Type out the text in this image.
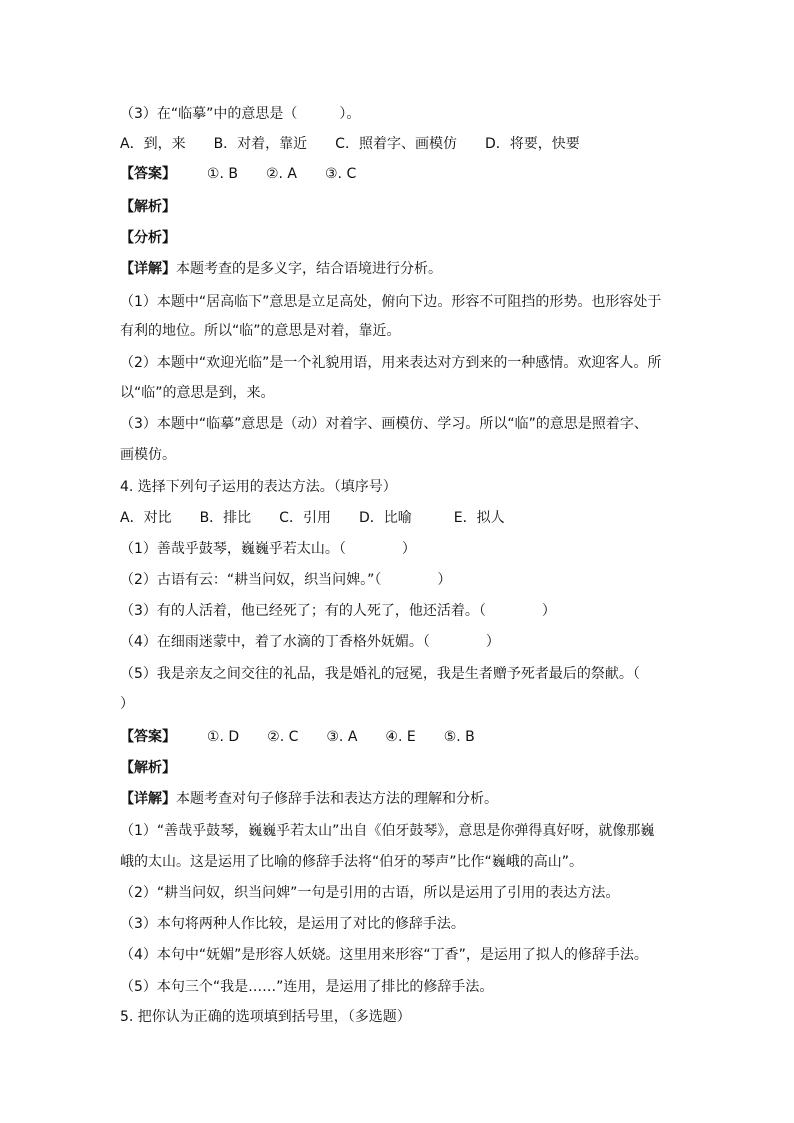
（3）在“临摹”中的意思是（　　　）。
A．到，来　　B．对着，靠近　　C．照着字、画模仿　　D．将要，快要
【答案】 ①. B　　②. A　　③. C
【解析】
【分析】
【详解】本题考查的是多义字，结合语境进行分析。
（1）本题中“居高临下”意思是立足高处，俯向下边。形容不可阻挡的形势。也形容处于
有利的地位。所以“临”的意思是对着，靠近。
（2）本题中“欢迎光临”是一个礼貌用语，用来表达对方到来的一种感情。欢迎客人。所
以“临”的意思是到，来。
（3）本题中“临摹”意思是（动）对着字、画模仿、学习。所以“临”的意思是照着字、
画模仿。
4. 选择下列句子运用的表达方法。（填序号）
A．对比　　B．排比　　C．引用　　D．比喻　　　E．拟人
（1）善哉乎鼓琴，巍巍乎若太山。（　　　　）
（2）古语有云：“耕当问奴，织当问婢。”（　　　　）
（3）有的人活着，他已经死了；有的人死了，他还活着。（　　　　）
（4）在细雨迷蒙中，着了水滴的丁香格外妩媚。（　　　　）
（5）我是亲友之间交往的礼品，我是婚礼的冠冕，我是生者赠予死者最后的祭献。（
）
【答案】 ①. D　　②. C　　③. A　　④. E　　⑤. B
【解析】
【详解】本题考查对句子修辞手法和表达方法的理解和分析。
（1）“善哉乎鼓琴，巍巍乎若太山”出自《伯牙鼓琴》，意思是你弹得真好呀，就像那巍
峨的太山。这是运用了比喻的修辞手法将“伯牙的琴声”比作“巍峨的高山”。
（2）“耕当问奴，织当问婢”一句是引用的古语，所以是运用了引用的表达方法。
（3）本句将两种人作比较，是运用了对比的修辞手法。
（4）本句中“妩媚”是形容人妖娆。这里用来形容“丁香”，是运用了拟人的修辞手法。
（5）本句三个“我是……”连用，是运用了排比的修辞手法。
5. 把你认为正确的选项填到括号里，（多选题）
